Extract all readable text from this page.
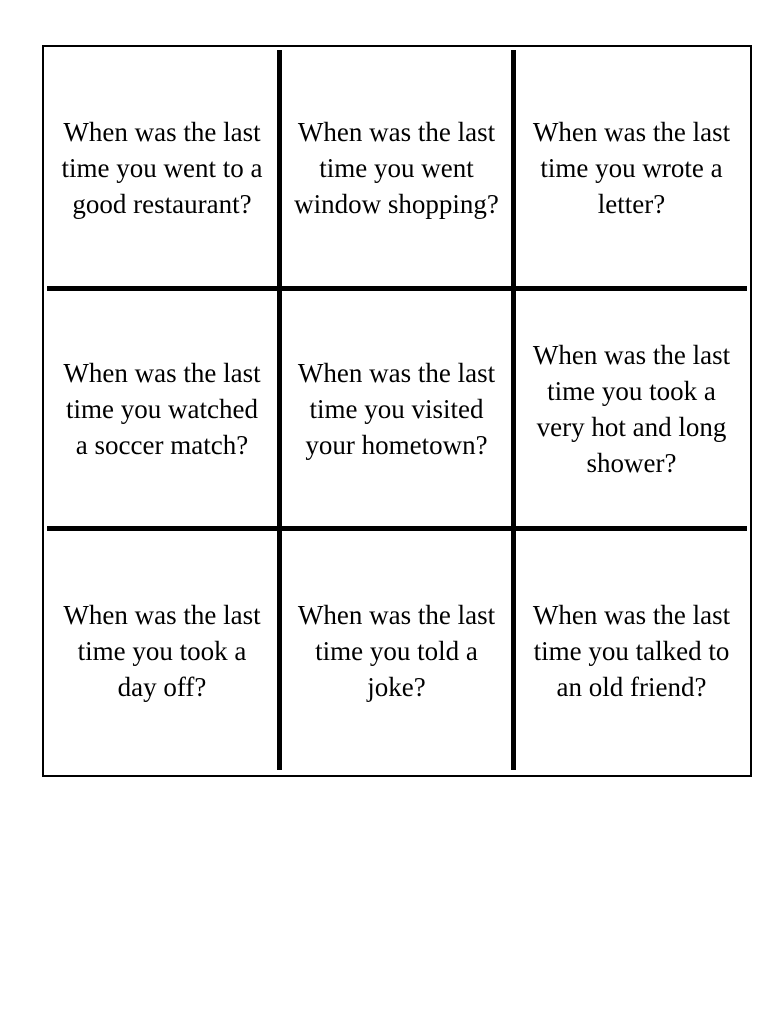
When was the last time you went to a good restaurant?
When was the last time you went window shopping?
When was the last time you wrote a letter?
When was the last time you watched a soccer match?
When was the last time you visited your hometown?
When was the last time you took a very hot and long shower?
When was the last time you took a day off?
When was the last time you told a joke?
When was the last time you talked to an old friend?
